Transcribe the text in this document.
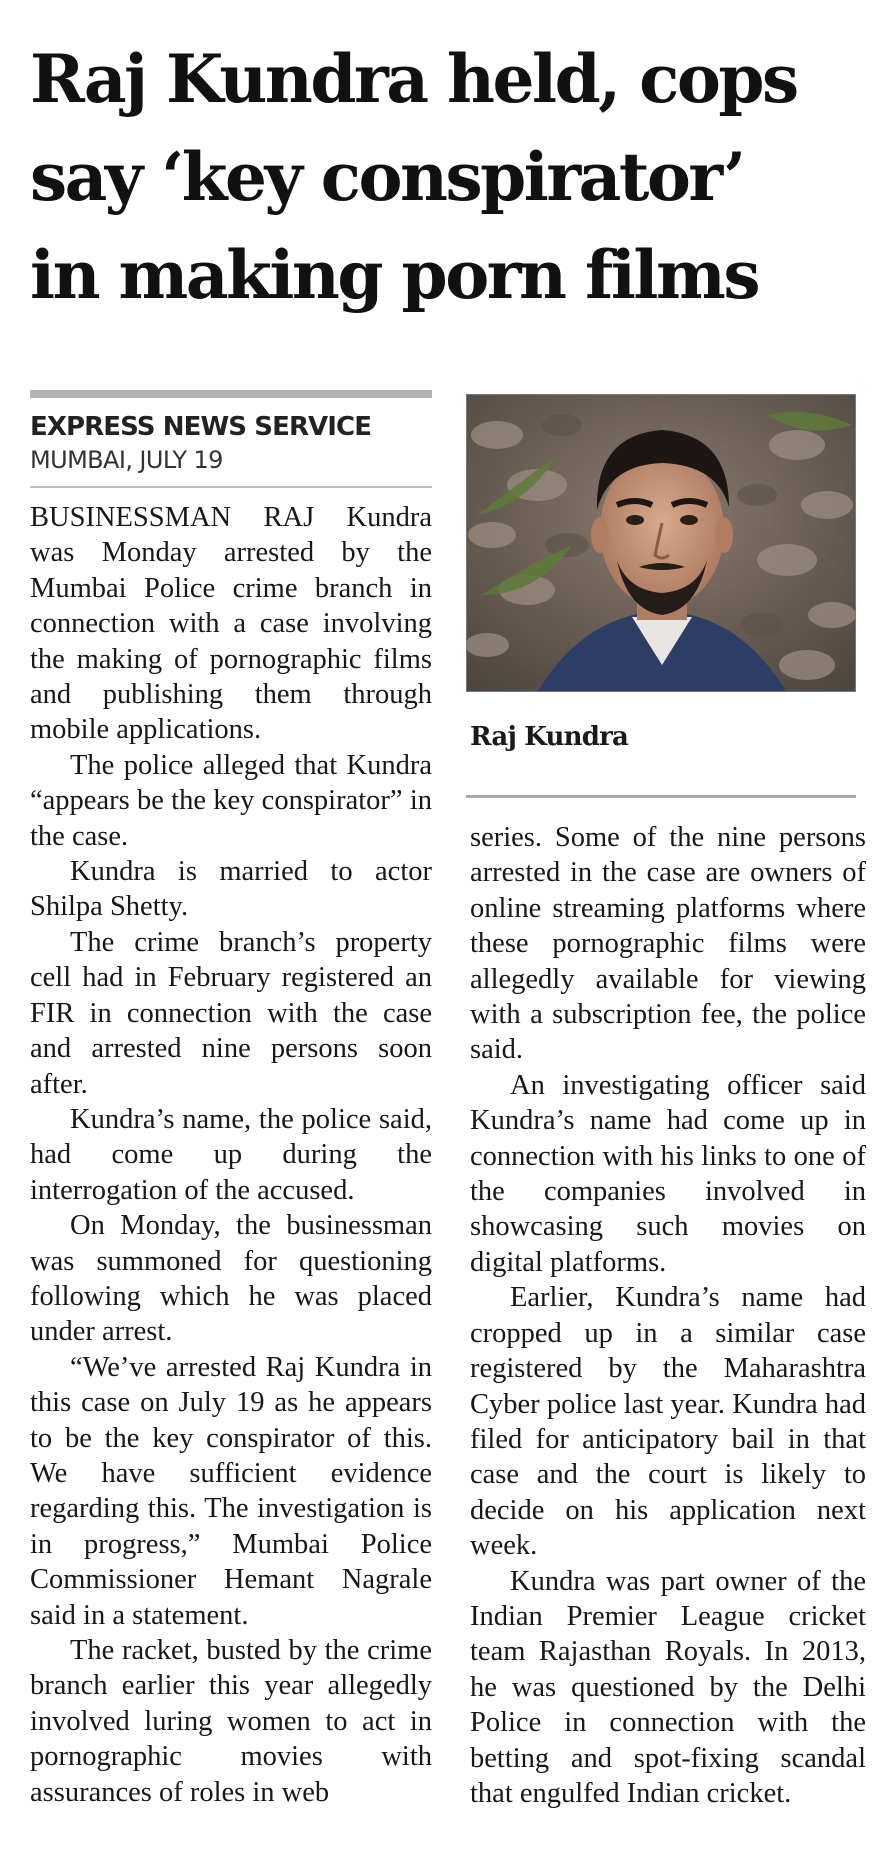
Raj Kundra held, cops
say ‘key conspirator’
in making porn films
EXPRESS NEWS SERVICE
MUMBAI, JULY 19

BUSINESSMAN RAJ Kundra was Monday arrested by the Mumbai Police crime branch in connection with a case involving the making of pornographic films and publishing them through mobile applications.

The police alleged that Kundra “appears be the key conspirator” in the case.

Kundra is married to actor Shilpa Shetty.

The crime branch’s property cell had in February registered an FIR in connection with the case and arrested nine persons soon after.

Kundra’s name, the police said, had come up during the interrogation of the accused.

On Monday, the businessman was summoned for questioning following which he was placed under arrest.

“We’ve arrested Raj Kundra in this case on July 19 as he appears to be the key conspirator of this. We have sufficient evidence regarding this. The investigation is in progress,” Mumbai Police Commissioner Hemant Nagrale said in a statement.

The racket, busted by the crime branch earlier this year allegedly involved luring women to act in pornographic movies with assurances of roles in web

Raj Kundra

series. Some of the nine persons arrested in the case are owners of online streaming platforms where these pornographic films were allegedly available for viewing with a subscription fee, the police said.

An investigating officer said Kundra’s name had come up in connection with his links to one of the companies involved in showcasing such movies on digital platforms.

Earlier, Kundra’s name had cropped up in a similar case registered by the Maharashtra Cyber police last year. Kundra had filed for anticipatory bail in that case and the court is likely to decide on his application next week.

Kundra was part owner of the Indian Premier League cricket team Rajasthan Royals. In 2013, he was questioned by the Delhi Police in connection with the betting and spot-fixing scandal that engulfed Indian cricket.
